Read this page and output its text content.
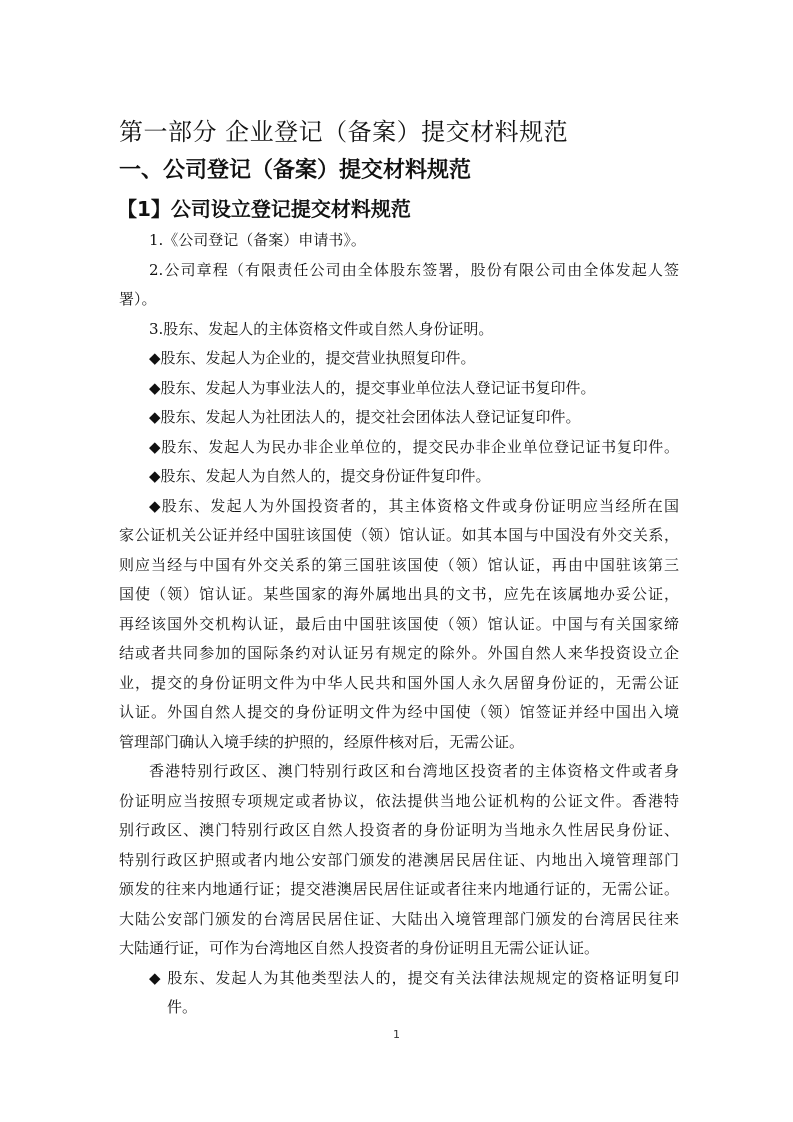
第一部分 企业登记（备案）提交材料规范
一、公司登记（备案）提交材料规范
【1】公司设立登记提交材料规范
1.《公司登记（备案）申请书》。
2.公司章程（有限责任公司由全体股东签署，股份有限公司由全体发起人签
署）。
3.股东、发起人的主体资格文件或自然人身份证明。
◆股东、发起人为企业的，提交营业执照复印件。
◆股东、发起人为事业法人的，提交事业单位法人登记证书复印件。
◆股东、发起人为社团法人的，提交社会团体法人登记证复印件。
◆股东、发起人为民办非企业单位的，提交民办非企业单位登记证书复印件。
◆股东、发起人为自然人的，提交身份证件复印件。
◆股东、发起人为外国投资者的，其主体资格文件或身份证明应当经所在国
家公证机关公证并经中国驻该国使（领）馆认证。如其本国与中国没有外交关系，
则应当经与中国有外交关系的第三国驻该国使（领）馆认证，再由中国驻该第三
国使（领）馆认证。某些国家的海外属地出具的文书，应先在该属地办妥公证，
再经该国外交机构认证，最后由中国驻该国使（领）馆认证。中国与有关国家缔
结或者共同参加的国际条约对认证另有规定的除外。外国自然人来华投资设立企
业，提交的身份证明文件为中华人民共和国外国人永久居留身份证的，无需公证
认证。外国自然人提交的身份证明文件为经中国使（领）馆签证并经中国出入境
管理部门确认入境手续的护照的，经原件核对后，无需公证。
香港特别行政区、澳门特别行政区和台湾地区投资者的主体资格文件或者身
份证明应当按照专项规定或者协议，依法提供当地公证机构的公证文件。香港特
别行政区、澳门特别行政区自然人投资者的身份证明为当地永久性居民身份证、
特别行政区护照或者内地公安部门颁发的港澳居民居住证、内地出入境管理部门
颁发的往来内地通行证；提交港澳居民居住证或者往来内地通行证的，无需公证。
大陆公安部门颁发的台湾居民居住证、大陆出入境管理部门颁发的台湾居民往来
大陆通行证，可作为台湾地区自然人投资者的身份证明且无需公证认证。
◆ 股东、发起人为其他类型法人的，提交有关法律法规规定的资格证明复印
件。
1
